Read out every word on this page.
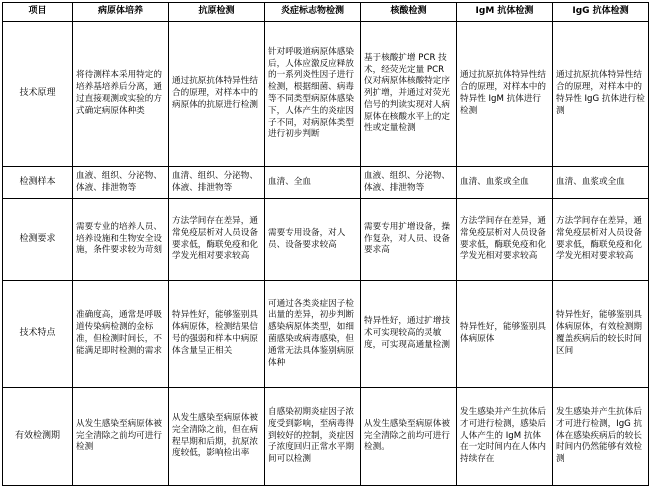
项目	病原体培养	抗原检测	炎症标志物检测	核酸检测	IgM 抗体检测	IgG 抗体检测
技术原理	将待测样本采用特定的培养基培养后分离，通过直接观测或实验的方式确定病原体种类	通过抗原抗体特异性结合的原理，对样本中的病原体的抗原进行检测	针对呼吸道病原体感染后，人体应激反应释放的一系列炎性因子进行检测，根据细菌、病毒等不同类型病原体感染下，人体产生的炎症因子不同，对病原体类型进行初步判断	基于核酸扩增 PCR 技术，经荧光定量 PCR 仪对病原体核酸特定序列扩增，并通过对荧光信号的判读实现对人病原体在核酸水平上的定性或定量检测	通过抗原抗体特异性结合的原理，对样本中的特异性 IgM 抗体进行检测	通过抗原抗体特异性结合的原理，对样本中的特异性 IgG 抗体进行检测
检测样本	血液、组织、分泌物、体液、排泄物等	血清、组织、分泌物、体液、排泄物等	血清、全血	血液、组织、分泌物、体液、排泄物等	血清、血浆或全血	血清、血浆或全血
检测要求	需要专业的培养人员、培养设施和生物安全设施，条件要求较为苛刻	方法学间存在差异，通常免疫层析对人员设备要求低，酶联免疫和化学发光相对要求较高	需要专用设备，对人员、设备要求较高	需要专用扩增设备，操作复杂，对人员、设备要求高	方法学间存在差异，通常免疫层析对人员设备要求低，酶联免疫和化学发光相对要求较高	方法学间存在差异，通常免疫层析对人员设备要求低，酶联免疫和化学发光相对要求较高
技术特点	准确度高，通常是呼吸道传染病检测的金标准，但检测时间长，不能满足即时检测的需求	特异性好，能够鉴别具体病原体，检测结果信号的强弱和样本中病原体含量呈正相关	可通过各类炎症因子检出量的差异，初步判断感染病原体类型，如细菌感染或病毒感染，但通常无法具体鉴别病原体种	特异性好，通过扩增技术可实现较高的灵敏度，可实现高通量检测	特异性好，能够鉴别具体病原体	特异性好，能够鉴别具体病原体，有效检测期覆盖疾病后的较长时间区间
有效检测期	从发生感染至病原体被完全清除之前均可进行检测	从发生感染至病原体被完全清除之前，但在病程早期和后期，抗原浓度较低，影响检出率	自感染初期炎症因子浓度受到影响，至病毒得到较好的控制，炎症因子浓度回归正常水平期间可以检测	从发生感染至病原体被完全清除之前均可进行检测。	发生感染并产生抗体后才可进行检测，感染后人体产生的 IgM 抗体在一定时间内在人体内持续存在	发生感染并产生抗体后才可进行检测，IgG 抗体在感染疾病后的较长时间内仍然能够有效检测
